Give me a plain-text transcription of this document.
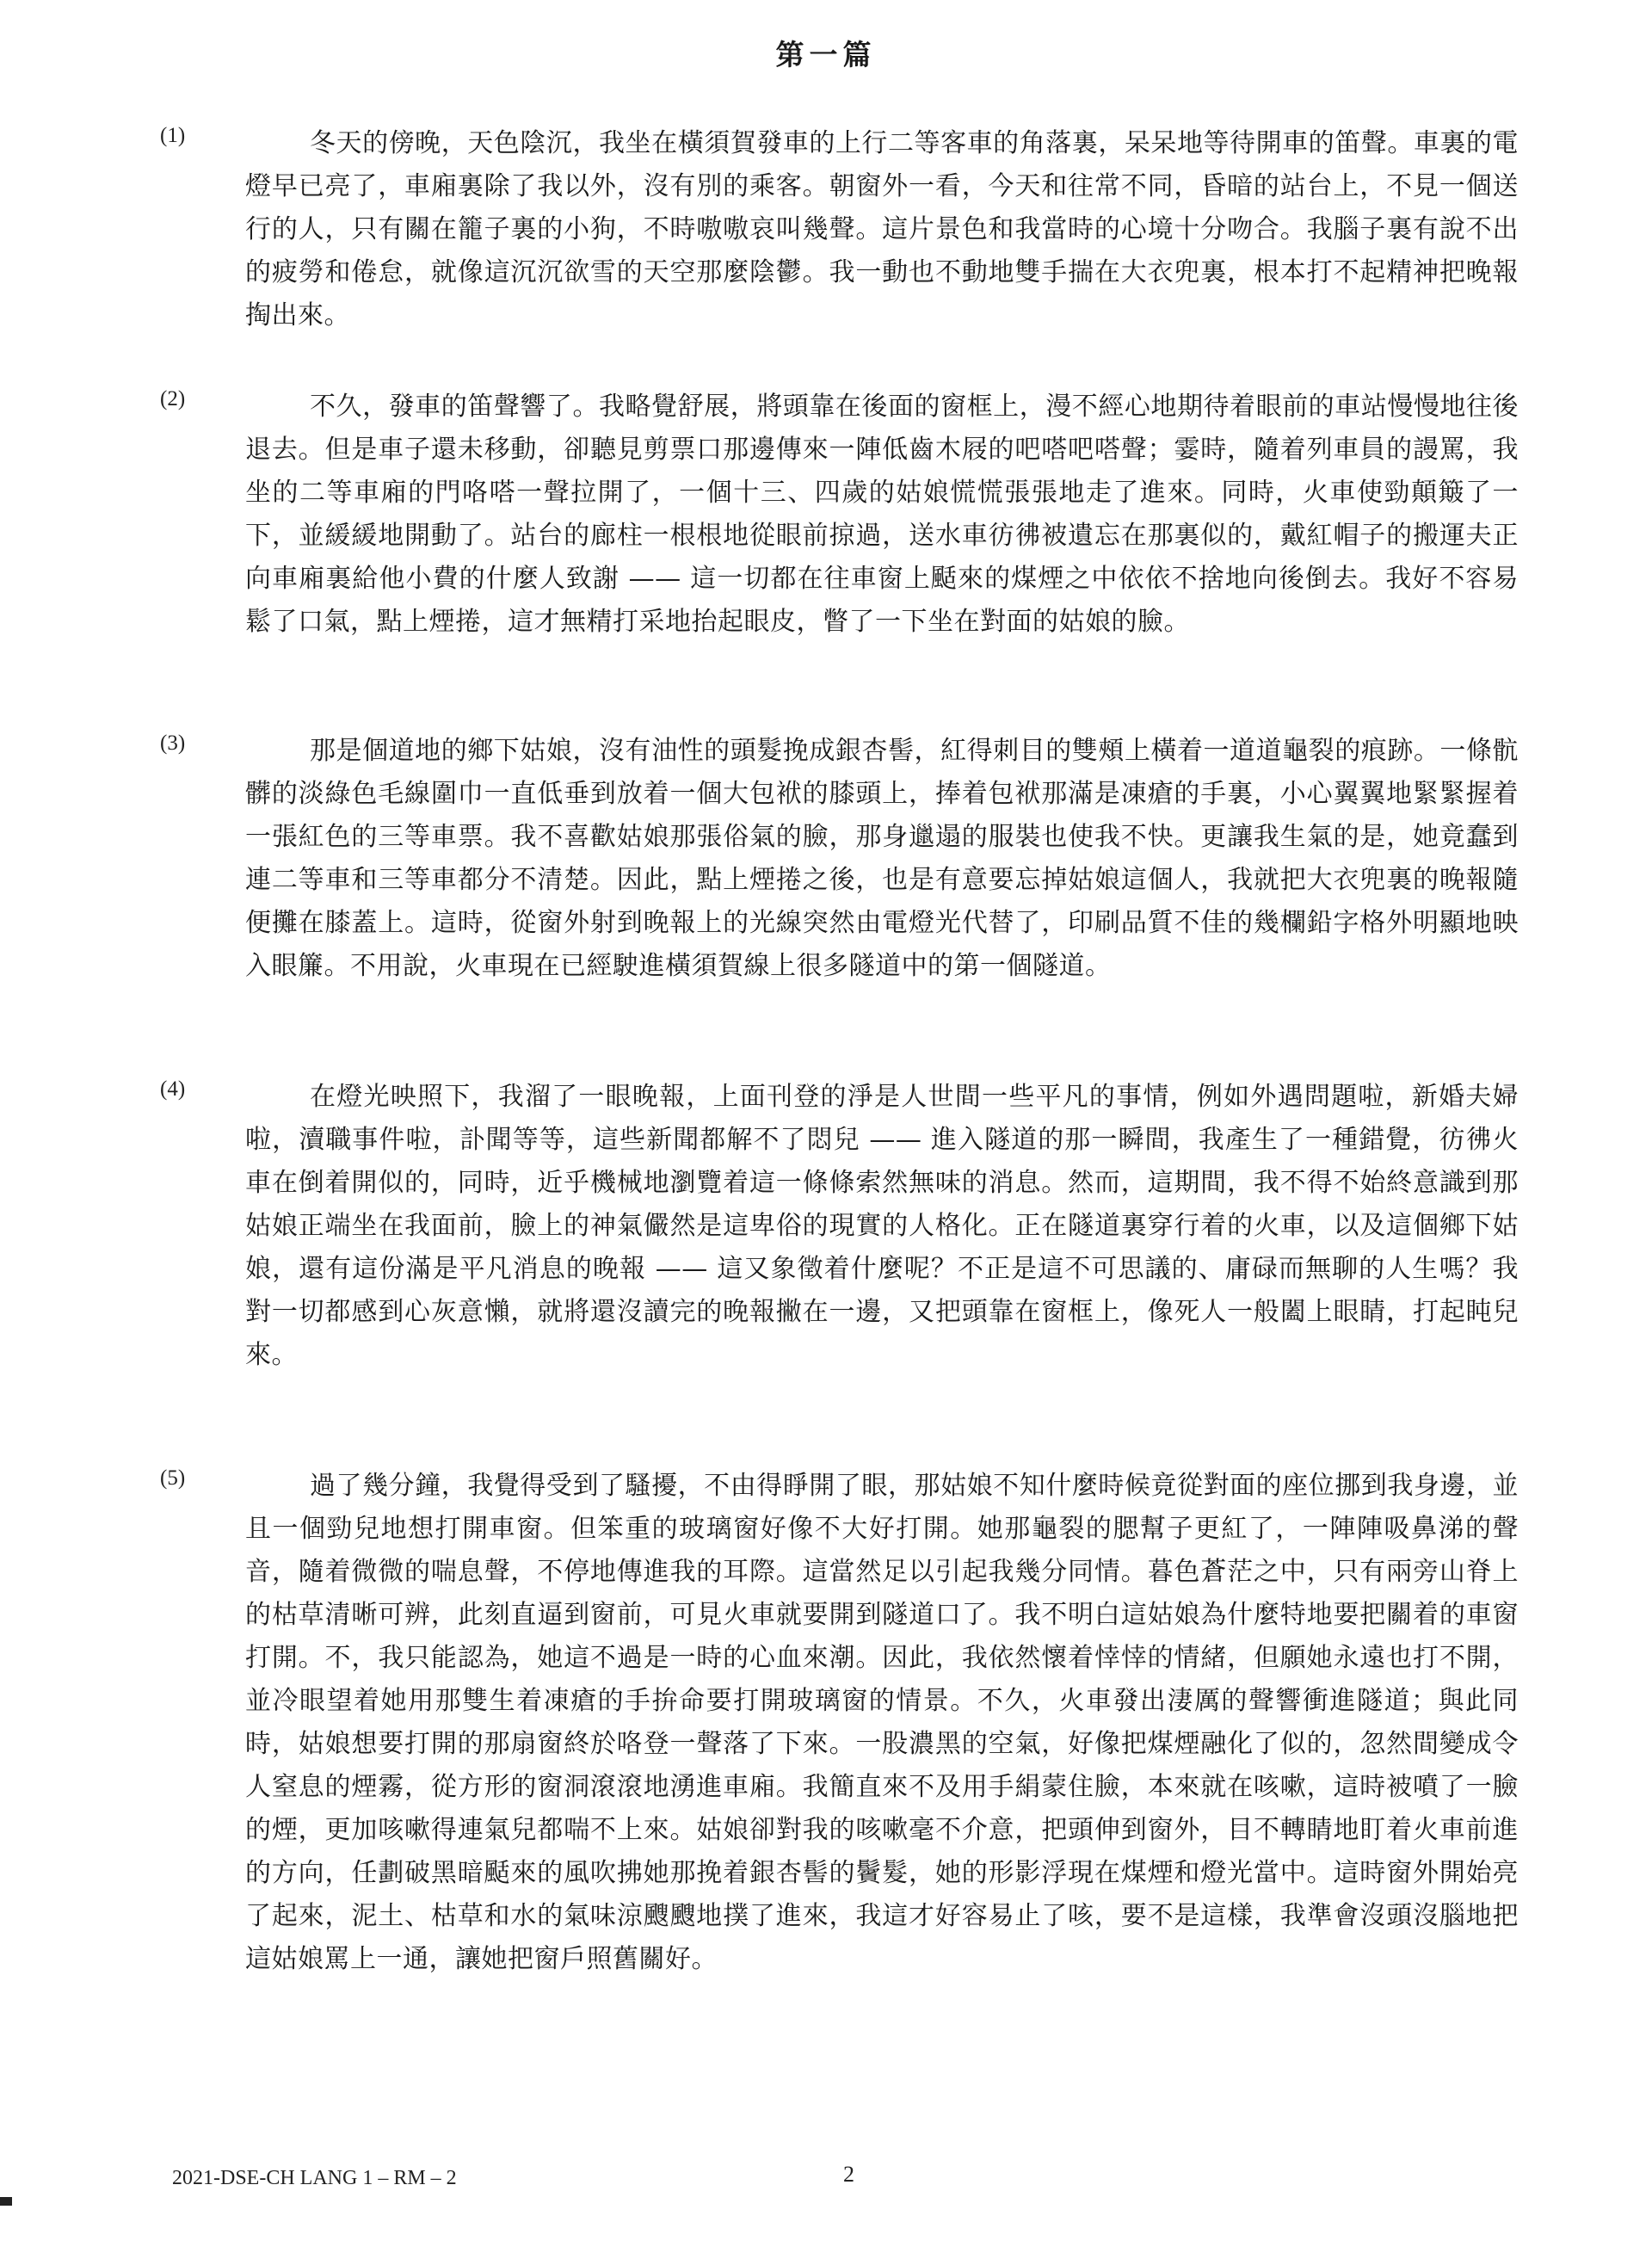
第一篇
(1)	冬天的傍晚，天色陰沉，我坐在橫須賀發車的上行二等客車的角落裏，呆呆地等待開車的笛聲。車裏的電燈早已亮了，車廂裏除了我以外，沒有別的乘客。朝窗外一看，今天和往常不同，昏暗的站台上，不見一個送行的人，只有關在籠子裏的小狗，不時嗷嗷哀叫幾聲。這片景色和我當時的心境十分吻合。我腦子裏有說不出的疲勞和倦怠，就像這沉沉欲雪的天空那麼陰鬱。我一動也不動地雙手揣在大衣兜裏，根本打不起精神把晚報掏出來。

(2)	不久，發車的笛聲響了。我略覺舒展，將頭靠在後面的窗框上，漫不經心地期待着眼前的車站慢慢地往後退去。但是車子還未移動，卻聽見剪票口那邊傳來一陣低齒木屐的吧嗒吧嗒聲；霎時，隨着列車員的謾罵，我坐的二等車廂的門咯嗒一聲拉開了，一個十三、四歲的姑娘慌慌張張地走了進來。同時，火車使勁顛簸了一下，並緩緩地開動了。站台的廊柱一根根地從眼前掠過，送水車彷彿被遺忘在那裏似的，戴紅帽子的搬運夫正向車廂裏給他小費的什麼人致謝 —— 這一切都在往車窗上颳來的煤煙之中依依不捨地向後倒去。我好不容易鬆了口氣，點上煙捲，這才無精打采地抬起眼皮，瞥了一下坐在對面的姑娘的臉。

(3)	那是個道地的鄉下姑娘，沒有油性的頭髮挽成銀杏髻，紅得刺目的雙頰上橫着一道道龜裂的痕跡。一條骯髒的淡綠色毛線圍巾一直低垂到放着一個大包袱的膝頭上，捧着包袱那滿是凍瘡的手裏，小心翼翼地緊緊握着一張紅色的三等車票。我不喜歡姑娘那張俗氣的臉，那身邋遢的服裝也使我不快。更讓我生氣的是，她竟蠢到連二等車和三等車都分不清楚。因此，點上煙捲之後，也是有意要忘掉姑娘這個人，我就把大衣兜裏的晚報隨便攤在膝蓋上。這時，從窗外射到晚報上的光線突然由電燈光代替了，印刷品質不佳的幾欄鉛字格外明顯地映入眼簾。不用說，火車現在已經駛進橫須賀線上很多隧道中的第一個隧道。

(4)	在燈光映照下，我溜了一眼晚報，上面刊登的淨是人世間一些平凡的事情，例如外遇問題啦，新婚夫婦啦，瀆職事件啦，訃聞等等，這些新聞都解不了悶兒 —— 進入隧道的那一瞬間，我產生了一種錯覺，彷彿火車在倒着開似的，同時，近乎機械地瀏覽着這一條條索然無味的消息。然而，這期間，我不得不始終意識到那姑娘正端坐在我面前，臉上的神氣儼然是這卑俗的現實的人格化。正在隧道裏穿行着的火車，以及這個鄉下姑娘，還有這份滿是平凡消息的晚報 —— 這又象徵着什麼呢？不正是這不可思議的、庸碌而無聊的人生嗎？我對一切都感到心灰意懶，就將還沒讀完的晚報撇在一邊，又把頭靠在窗框上，像死人一般闔上眼睛，打起盹兒來。

(5)	過了幾分鐘，我覺得受到了騷擾，不由得睜開了眼，那姑娘不知什麼時候竟從對面的座位挪到我身邊，並且一個勁兒地想打開車窗。但笨重的玻璃窗好像不大好打開。她那龜裂的腮幫子更紅了，一陣陣吸鼻涕的聲音，隨着微微的喘息聲，不停地傳進我的耳際。這當然足以引起我幾分同情。暮色蒼茫之中，只有兩旁山脊上的枯草清晰可辨，此刻直逼到窗前，可見火車就要開到隧道口了。我不明白這姑娘為什麼特地要把關着的車窗打開。不，我只能認為，她這不過是一時的心血來潮。因此，我依然懷着悻悻的情緒，但願她永遠也打不開，並冷眼望着她用那雙生着凍瘡的手拚命要打開玻璃窗的情景。不久，火車發出淒厲的聲響衝進隧道；與此同時，姑娘想要打開的那扇窗終於咯登一聲落了下來。一股濃黑的空氣，好像把煤煙融化了似的，忽然間變成令人窒息的煙霧，從方形的窗洞滾滾地湧進車廂。我簡直來不及用手絹蒙住臉，本來就在咳嗽，這時被噴了一臉的煙，更加咳嗽得連氣兒都喘不上來。姑娘卻對我的咳嗽毫不介意，把頭伸到窗外，目不轉睛地盯着火車前進的方向，任劃破黑暗颳來的風吹拂她那挽着銀杏髻的鬢髮，她的形影浮現在煤煙和燈光當中。這時窗外開始亮了起來，泥土、枯草和水的氣味涼颼颼地撲了進來，我這才好容易止了咳，要不是這樣，我準會沒頭沒腦地把這姑娘罵上一通，讓她把窗戶照舊關好。

2021-DSE-CH LANG 1 – RM – 2	2
